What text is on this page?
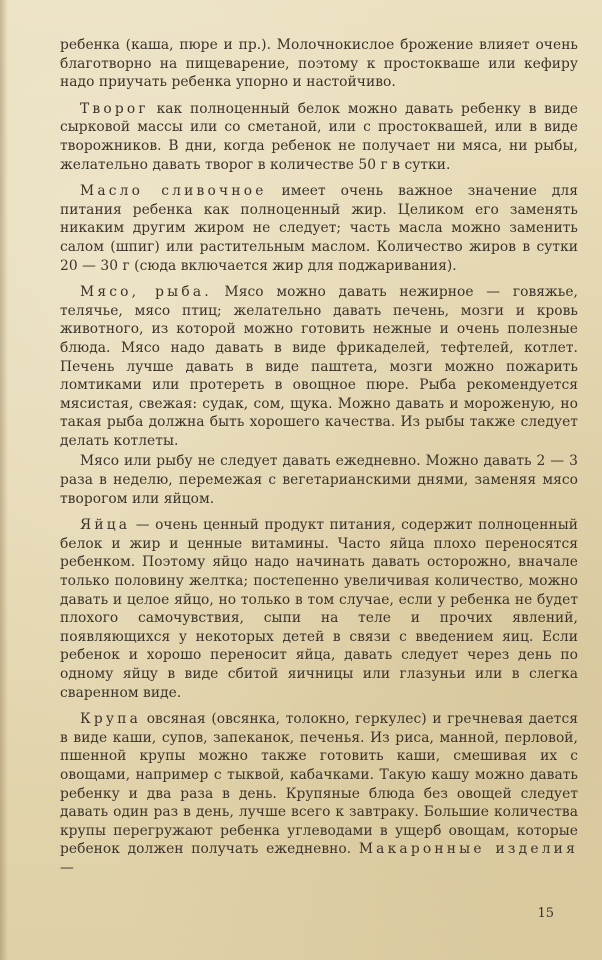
ребенка (каша, пюре и пр.). Молочнокислое брожение влияет очень благотворно на пищеварение, поэтому к простокваше или кефиру надо приучать ребенка упорно и настойчиво.

Творог как полноценный белок можно давать ребенку в виде сырковой массы или со сметаной, или с простоквашей, или в виде творожников. В дни, когда ребенок не получает ни мяса, ни рыбы, желательно давать творог в количестве 50 г в сутки.

Масло сливочное имеет очень важное значение для питания ребенка как полноценный жир. Целиком его заменять никаким другим жиром не следует; часть масла можно заменить салом (шпиг) или растительным маслом. Количество жиров в сутки 20 — 30 г (сюда включается жир для поджаривания).

Мясо, рыба. Мясо можно давать нежирное — говяжье, телячье, мясо птиц; желательно давать печень, мозги и кровь животного, из которой можно готовить нежные и очень полезные блюда. Мясо надо давать в виде фрикаделей, тефтелей, котлет. Печень лучше давать в виде паштета, мозги можно пожарить ломтиками или протереть в овощное пюре. Рыба рекомендуется мясистая, свежая: судак, сом, щука. Можно давать и мороженую, но такая рыба должна быть хорошего качества. Из рыбы также следует делать котлеты.

Мясо или рыбу не следует давать ежедневно. Можно давать 2 — 3 раза в неделю, перемежая с вегетарианскими днями, заменяя мясо творогом или яйцом.

Яйца — очень ценный продукт питания, содержит полноценный белок и жир и ценные витамины. Часто яйца плохо переносятся ребенком. Поэтому яйцо надо начинать давать осторожно, вначале только половину желтка; постепенно увеличивая количество, можно давать и целое яйцо, но только в том случае, если у ребенка не будет плохого самочувствия, сыпи на теле и прочих явлений, появляющихся у некоторых детей в связи с введением яиц. Если ребенок и хорошо переносит яйца, давать следует через день по одному яйцу в виде сбитой яичницы или глазуньи или в слегка сваренном виде.

Крупа овсяная (овсянка, толокно, геркулес) и гречневая дается в виде каши, супов, запеканок, печенья. Из риса, манной, перловой, пшенной крупы можно также готовить каши, смешивая их с овощами, например с тыквой, кабачками. Такую кашу можно давать ребенку и два раза в день. Крупяные блюда без овощей следует давать один раз в день, лучше всего к завтраку. Большие количества крупы перегружают ребенка углеводами в ущерб овощам, которые ребенок должен получать ежедневно. Макаронные изделия—

15
